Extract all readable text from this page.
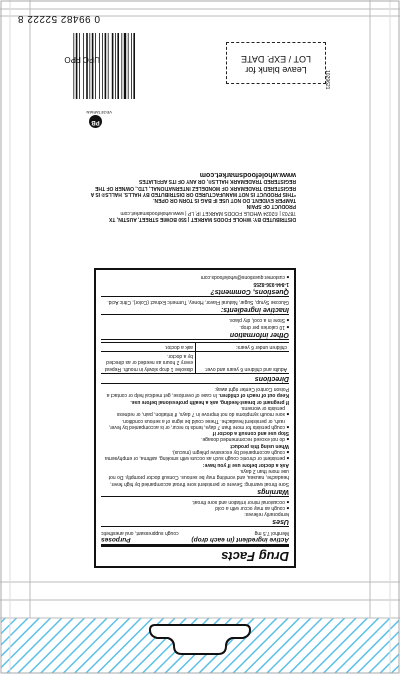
Drug Facts
Active ingredient (in each drop)
Purposes
Menthol 7.5 mg
cough suppressant, oral anesthetic
Uses
temporarily relieves:
■ cough as may occur with a cold
■ occasional minor irritation and sore throat.
Warnings
Sore throat warning: Severe or persistent sore throat accompanied by high fever, headache, nausea, and vomiting may be serious. Consult doctor promptly. Do not use more than 2 days.
Ask a doctor before use if you have:
■ persistent or chronic cough such as occurs with smoking, asthma, or emphysema
■ cough accompanied by excessive phlegm (mucus).
When using this product
■ do not exceed recommended dosage.
Stop use and consult a doctor if
■ cough persists for more than 7 days, tends to recur, or is accompanied by fever, rash, or persistent headache. These could be signs of a serious condition.
■ sore mouth symptoms do not improve in 7 days, if irritation, pain, or redness persists or worsens.
If pregnant or breast-feeding, ask a health professional before use.
Keep out of reach of children. In case of overdose, get medical help or contact a Poison Control Center right away.
Directions
Adults and children 6 years and over:
dissolve 1 drop slowly in mouth. Repeat every 2 hours as needed or as directed by a doctor.
children under 6 years:
ask a doctor.
Other information
■ 10 calories per drop.
■ Store in a cool, dry place.
Inactive ingredients:
Glucose Syrup, Sugar, Natural Flavor, Honey, Turmeric Extract (Color), Citric Acid.
Questions, Comments?
1-844-936-8255
■ customer.questions@wholefoods.com
DISTRIBUTED BY: WHOLE FOODS MARKET | 550 BOWIE STREET, AUSTIN, TX
78703 | ©2024 WHOLE FOODS MARKET IP, LP | www.wholefoodsmarket.com
PRODUCT OF SPAIN
TAMPER EVIDENT. DO NOT USE IF BAG IS TORN OR OPEN.
*THIS PRODUCT IS NOT MANUFACTURED OR DISTRIBUTED BY HALLS. HALLS® IS A REGISTERED TRADEMARK OF MONDELEZ INTERNATIONAL, LTD., OWNER OF THE REGISTERED TRADEMARK HALLS®, OR ANY OF ITS AFFILIATES
www.wholefoodsmarket.com
PB
VEGETARIAN
UPC FPO
0 99482 52222 8
Leave blank for
LOT / EXP. DATE
1029621
